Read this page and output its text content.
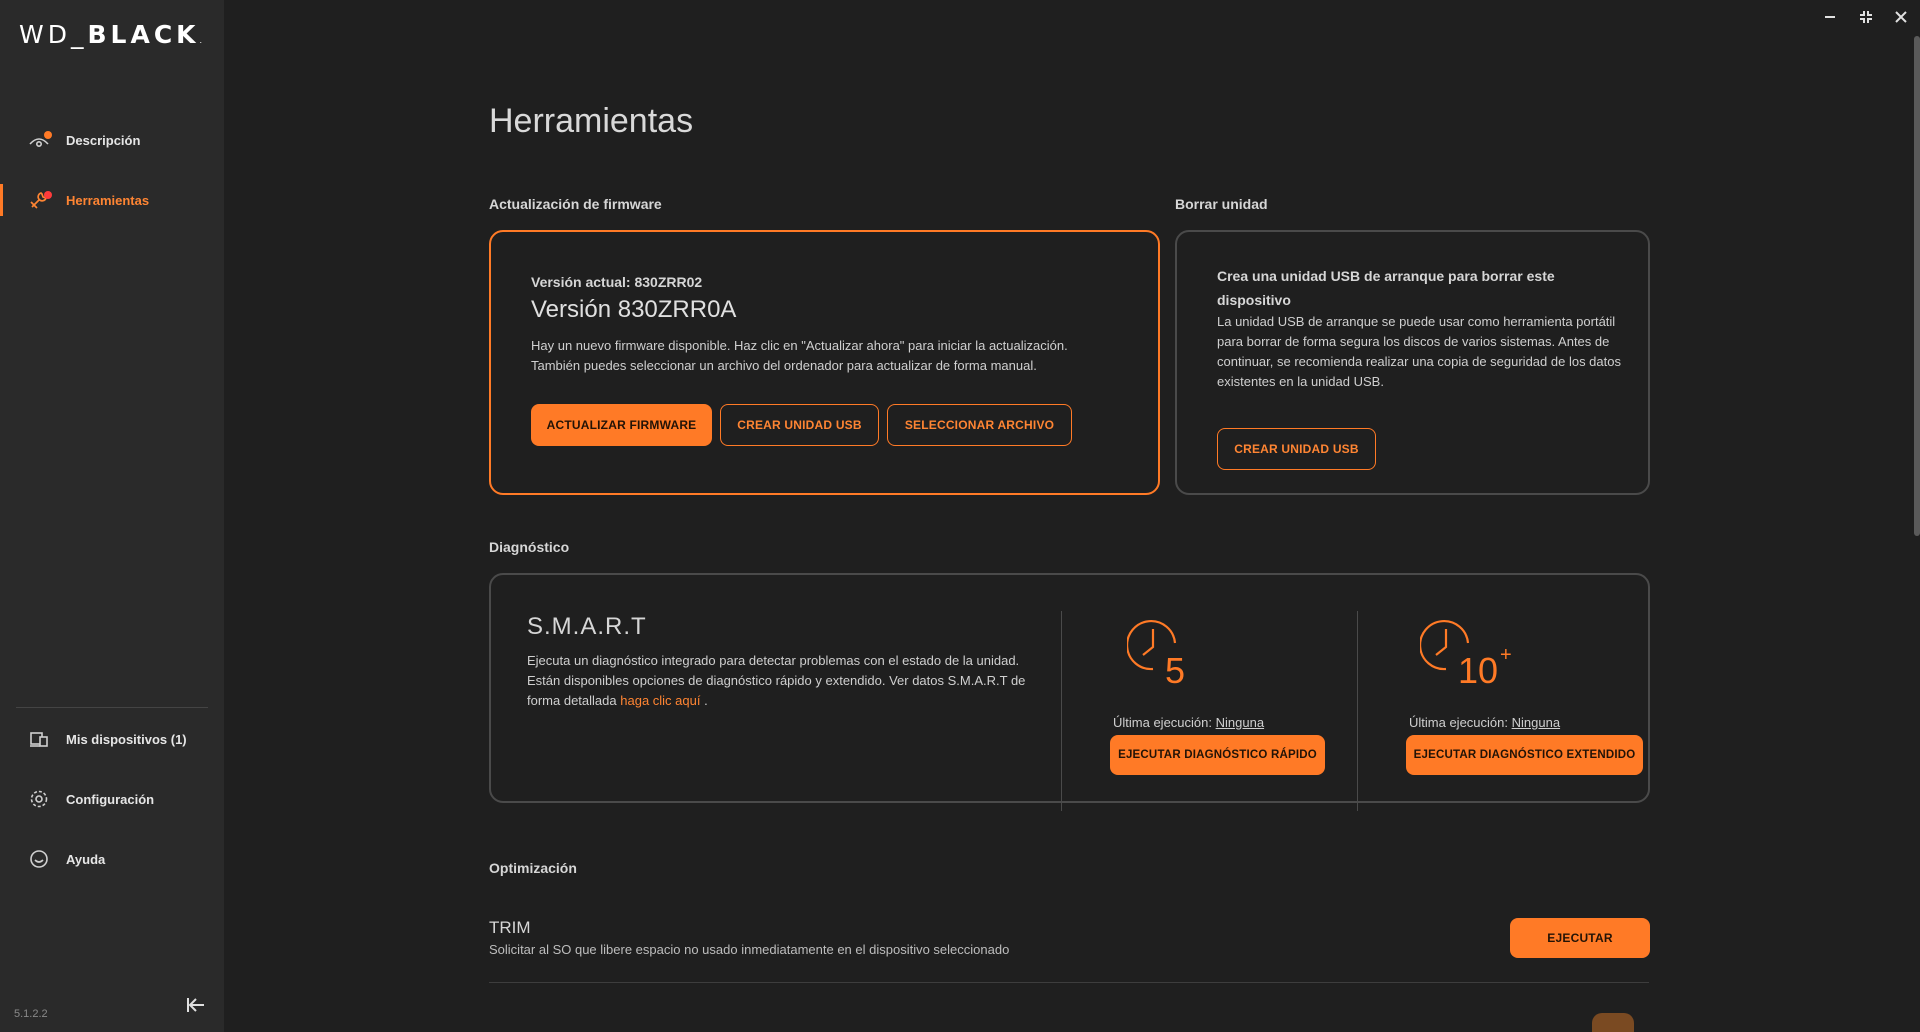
WD_BLACK.
Descripción
Herramientas
Mis dispositivos (1)
Configuración
Ayuda
5.1.2.2
Herramientas
Actualización de firmware
Versión actual: 830ZRR02
Versión 830ZRR0A
Hay un nuevo firmware disponible. Haz clic en "Actualizar ahora" para iniciar la actualización.
También puedes seleccionar un archivo del ordenador para actualizar de forma manual.
ACTUALIZAR FIRMWARE	CREAR UNIDAD USB	SELECCIONAR ARCHIVO
Borrar unidad
Crea una unidad USB de arranque para borrar este dispositivo
La unidad USB de arranque se puede usar como herramienta portátil para borrar de forma segura los discos de varios sistemas. Antes de continuar, se recomienda realizar una copia de seguridad de los datos existentes en la unidad USB.
CREAR UNIDAD USB
Diagnóstico
S.M.A.R.T
Ejecuta un diagnóstico integrado para detectar problemas con el estado de la unidad. Están disponibles opciones de diagnóstico rápido y extendido. Ver datos S.M.A.R.T de forma detallada haga clic aquí .
5
Última ejecución: Ninguna
EJECUTAR DIAGNÓSTICO RÁPIDO
10 +
Última ejecución: Ninguna
EJECUTAR DIAGNÓSTICO EXTENDIDO
Optimización
TRIM
Solicitar al SO que libere espacio no usado inmediatamente en el dispositivo seleccionado
EJECUTAR
